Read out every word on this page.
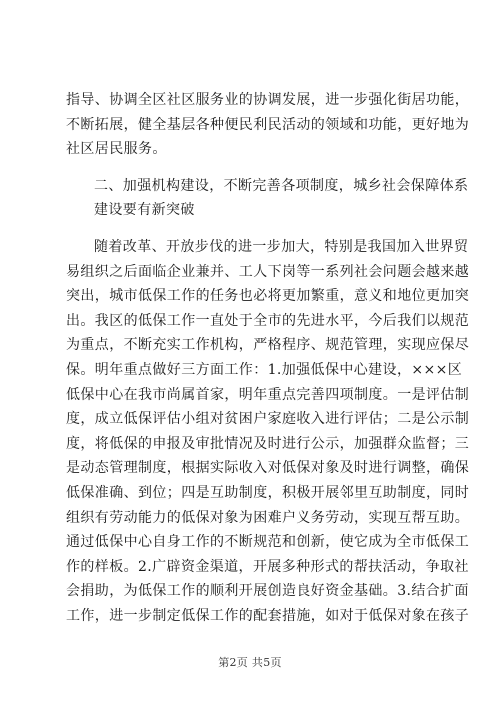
指导、协调全区社区服务业的协调发展，进一步强化街居功能，
不断拓展，健全基层各种便民利民活动的领域和功能，更好地为
社区居民服务。

二、加强机构建设，不断完善各项制度，城乡社会保障体系
建设要有新突破

随着改革、开放步伐的进一步加大，特别是我国加入世界贸
易组织之后面临企业兼并、工人下岗等一系列社会问题会越来越
突出，城市低保工作的任务也必将更加繁重，意义和地位更加突
出。我区的低保工作一直处于全市的先进水平，今后我们以规范
为重点，不断充实工作机构，严格程序、规范管理，实现应保尽
保。明年重点做好三方面工作：1.加强低保中心建设，×××区
低保中心在我市尚属首家，明年重点完善四项制度。一是评估制
度，成立低保评估小组对贫困户家庭收入进行评估；二是公示制
度，将低保的申报及审批情况及时进行公示，加强群众监督；三
是动态管理制度，根据实际收入对低保对象及时进行调整，确保
低保准确、到位；四是互助制度，积极开展邻里互助制度，同时
组织有劳动能力的低保对象为困难户义务劳动，实现互帮互助。
通过低保中心自身工作的不断规范和创新，使它成为全市低保工
作的样板。2.广辟资金渠道，开展多种形式的帮扶活动，争取社
会捐助，为低保工作的顺利开展创造良好资金基础。3.结合扩面
工作，进一步制定低保工作的配套措施，如对于低保对象在孩子

第2页 共5页
